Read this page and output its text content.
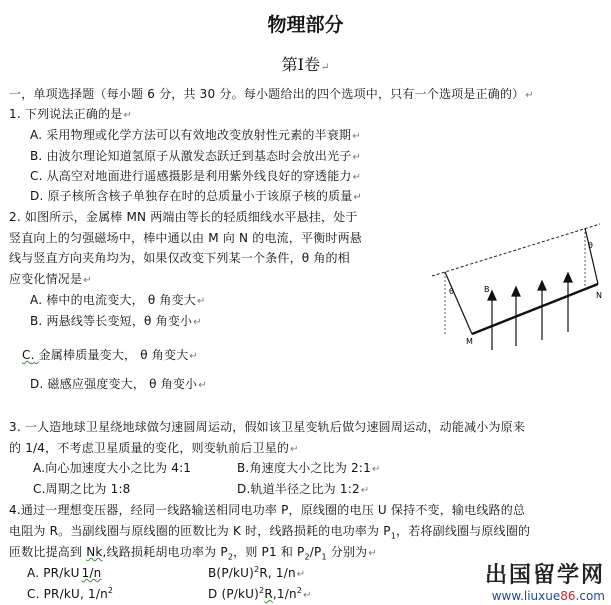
物理部分
第Ⅰ卷↵
一，单项选择题（每小题 6 分，共 30 分。每小题给出的四个选项中，只有一个选项是正确的）↵
1. 下列说法正确的是↵
A. 采用物理或化学方法可以有效地改变放射性元素的半衰期↵
B. 由波尔理论知道氢原子从激发态跃迁到基态时会放出光子↵
C. 从高空对地面进行遥感摄影是利用紫外线良好的穿透能力↵
D. 原子核所含核子单独存在时的总质量小于该原子核的质量↵
2. 如图所示，金属棒 MN 两端由等长的轻质细线水平悬挂，处于
竖直向上的匀强磁场中，棒中通以由 M 向 N 的电流，平衡时两悬
线与竖直方向夹角均为，如果仅改变下列某一个条件，θ 角的相
应变化情况是↵
A. 棒中的电流变大， θ 角变大↵
B. 两悬线等长变短，θ 角变小↵
C. 金属棒质量变大， θ 角变大↵
D. 磁感应强度变大， θ 角变小↵
B
M
N
θ
θ
3. 一人造地球卫星绕地球做匀速圆周运动，假如该卫星变轨后做匀速圆周运动，动能减小为原来
的 1/4，不考虑卫星质量的变化，则变轨前后卫星的↵
A.向心加速度大小之比为 4:1	B.角速度大小之比为 2:1↵
C.周期之比为 1:8	D.轨道半径之比为 1:2↵
4.通过一理想变压器，经同一线路输送相同电功率 P，原线圈的电压 U 保持不变，输电线路的总
电阻为 R。当副线圈与原线圈的匝数比为 K 时，线路损耗的电功率为 $P_1$，若将副线圈与原线圈的
匝数比提高到 Nk,线路损耗胡电功率为 $P_2$，则 P1 和 $P_2/P_1$ 分别为↵
A. PR/kU 1/n	$B(P/kU)^2R$, 1/n↵
C. PR/kU, $1/n^2$	D $(P/kU)^2R,1/n^2↵$
出国留学网
www.liuxue86.com
